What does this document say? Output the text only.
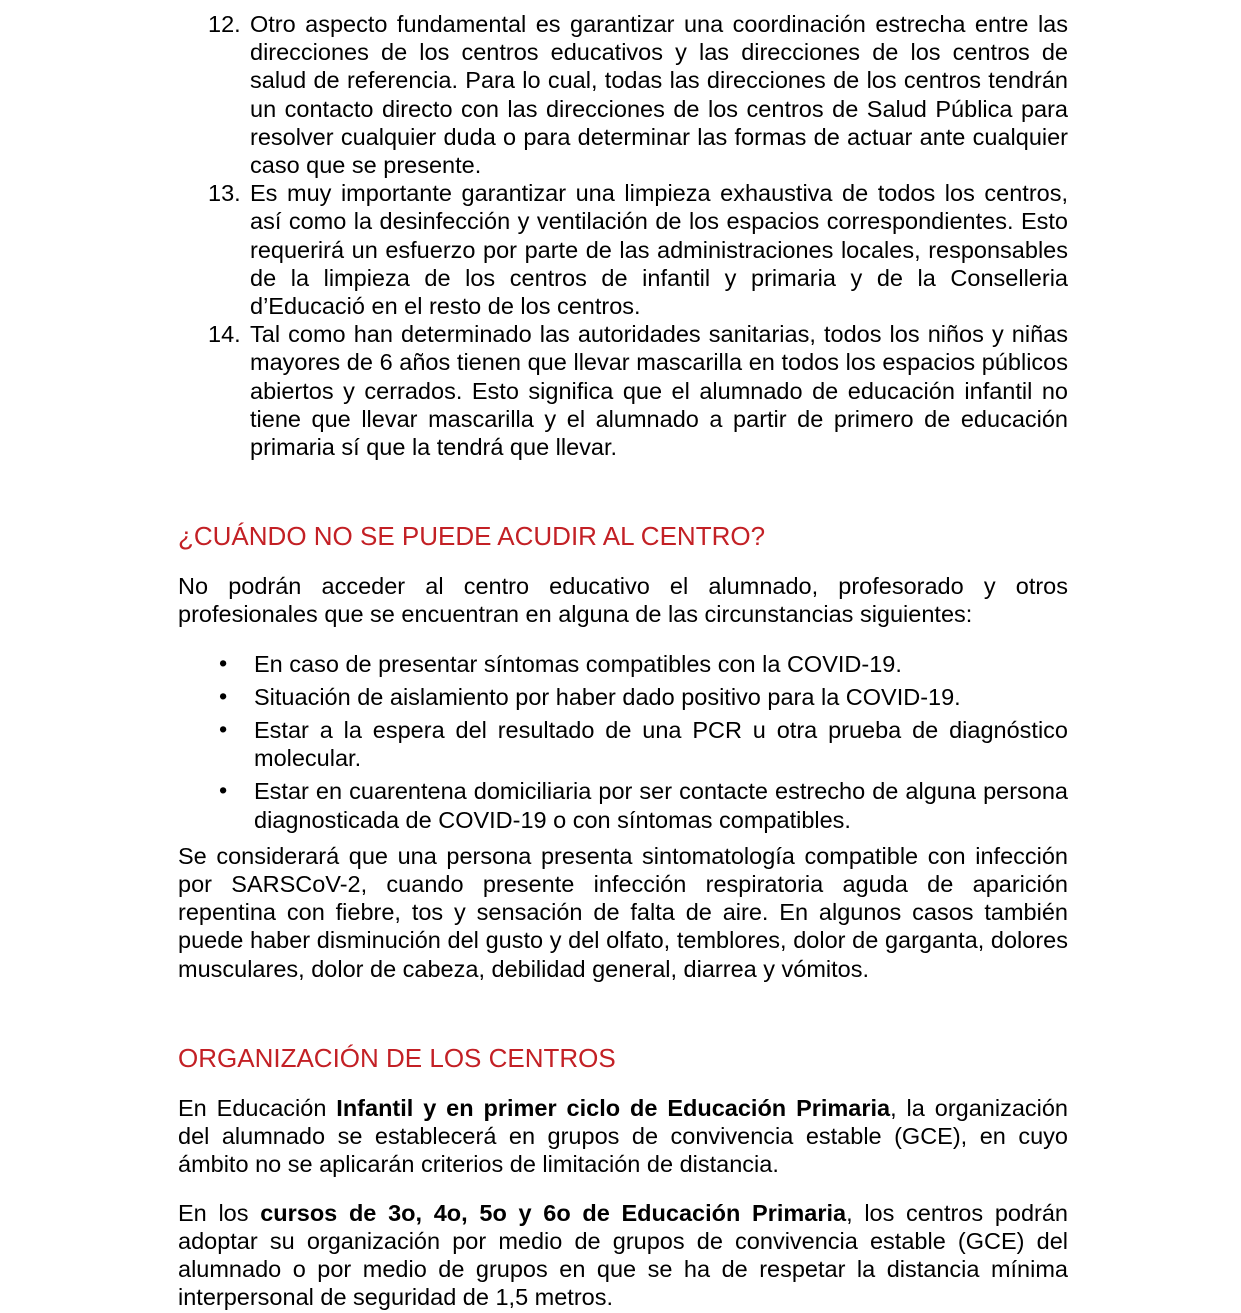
12. Otro aspecto fundamental es garantizar una coordinación estrecha entre las direcciones de los centros educativos y las direcciones de los centros de salud de referencia. Para lo cual, todas las direcciones de los centros tendrán un contacto directo con las direcciones de los centros de Salud Pública para resolver cualquier duda o para determinar las formas de actuar ante cualquier caso que se presente.
13. Es muy importante garantizar una limpieza exhaustiva de todos los centros, así como la desinfección y ventilación de los espacios correspondientes. Esto requerirá un esfuerzo por parte de las administraciones locales, responsables de la limpieza de los centros de infantil y primaria y de la Conselleria d’Educació en el resto de los centros.
14. Tal como han determinado las autoridades sanitarias, todos los niños y niñas mayores de 6 años tienen que llevar mascarilla en todos los espacios públicos abiertos y cerrados. Esto significa que el alumnado de educación infantil no tiene que llevar mascarilla y el alumnado a partir de primero de educación primaria sí que la tendrá que llevar.
¿CUÁNDO NO SE PUEDE ACUDIR AL CENTRO?

No podrán acceder al centro educativo el alumnado, profesorado y otros profesionales que se encuentran en alguna de las circunstancias siguientes:

• En caso de presentar síntomas compatibles con la COVID-19.
• Situación de aislamiento por haber dado positivo para la COVID-19.
• Estar a la espera del resultado de una PCR u otra prueba de diagnóstico molecular.
• Estar en cuarentena domiciliaria por ser contacte estrecho de alguna persona diagnosticada de COVID-19 o con síntomas compatibles.

Se considerará que una persona presenta sintomatología compatible con infección por SARSCoV-2, cuando presente infección respiratoria aguda de aparición repentina con fiebre, tos y sensación de falta de aire. En algunos casos también puede haber disminución del gusto y del olfato, temblores, dolor de garganta, dolores musculares, dolor de cabeza, debilidad general, diarrea y vómitos.

ORGANIZACIÓN DE LOS CENTROS

En Educación Infantil y en primer ciclo de Educación Primaria, la organización del alumnado se establecerá en grupos de convivencia estable (GCE), en cuyo ámbito no se aplicarán criterios de limitación de distancia.

En los cursos de 3o, 4o, 5o y 6o de Educación Primaria, los centros podrán adoptar su organización por medio de grupos de convivencia estable (GCE) del alumnado o por medio de grupos en que se ha de respetar la distancia mínima interpersonal de seguridad de 1,5 metros.
